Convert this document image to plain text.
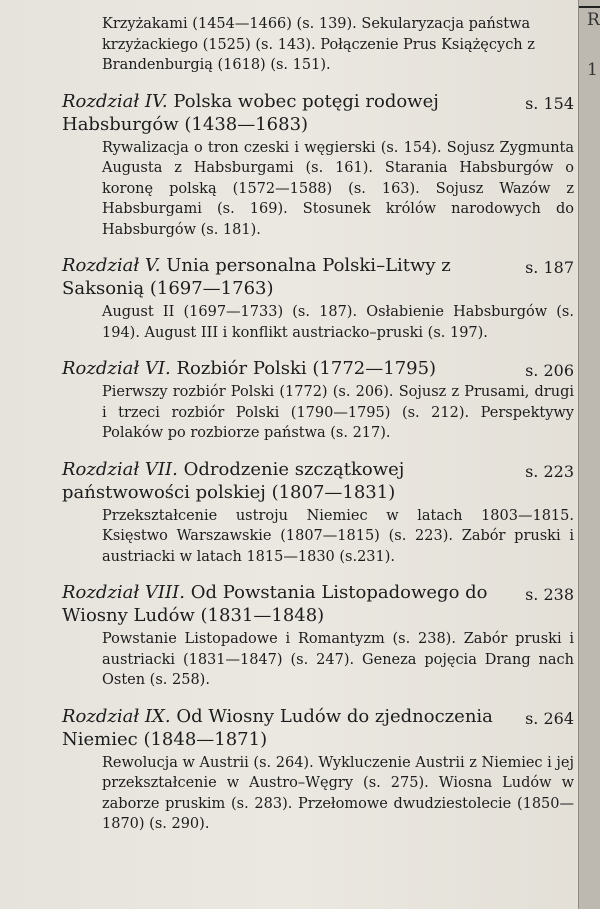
Krzyżakami (1454—1466) (s. 139). Sekularyzacja państwa krzyżackiego (1525) (s. 143). Połączenie Prus Książęcych z Brandenburgią (1618) (s. 151).

s. 154
Rozdział IV. Polska wobec potęgi rodowej Habsburgów (1438—1683)

Rywalizacja o tron czeski i węgierski (s. 154). Sojusz Zygmunta Augusta z Habsburgami (s. 161). Starania Habsburgów o koronę polską (1572—1588) (s. 163). Sojusz Wazów z Habsburgami (s. 169). Stosunek królów narodowych do Habsburgów (s. 181).

s. 187
Rozdział V. Unia personalna Polski–Litwy z Saksonią (1697—1763)

August II (1697—1733) (s. 187). Osłabienie Habsburgów (s. 194). August III i konflikt austriacko–pruski (s. 197).

s. 206
Rozdział VI. Rozbiór Polski (1772—1795)

Pierwszy rozbiór Polski (1772) (s. 206). Sojusz z Prusami, drugi i trzeci rozbiór Polski (1790—1795) (s. 212). Perspektywy Polaków po rozbiorze państwa (s. 217).

s. 223
Rozdział VII. Odrodzenie szczątkowej państwowości polskiej (1807—1831)

Przekształcenie ustroju Niemiec w latach 1803—1815. Księstwo Warszawskie (1807—1815) (s. 223). Zabór pruski i austriacki w latach 1815—1830 (s.231).

s. 238
Rozdział VIII. Od Powstania Listopadowego do Wiosny Ludów (1831—1848)

Powstanie Listopadowe i Romantyzm (s. 238). Zabór pruski i austriacki (1831—1847) (s. 247). Geneza pojęcia Drang nach Osten (s. 258).

s. 264
Rozdział IX. Od Wiosny Ludów do zjednoczenia Niemiec (1848—1871)

Rewolucja w Austrii (s. 264). Wykluczenie Austrii z Niemiec i jej przekształcenie w Austro–Węgry (s. 275). Wiosna Ludów w zaborze pruskim (s. 283). Przełomowe dwudziestolecie (1850—1870) (s. 290).

R
1
